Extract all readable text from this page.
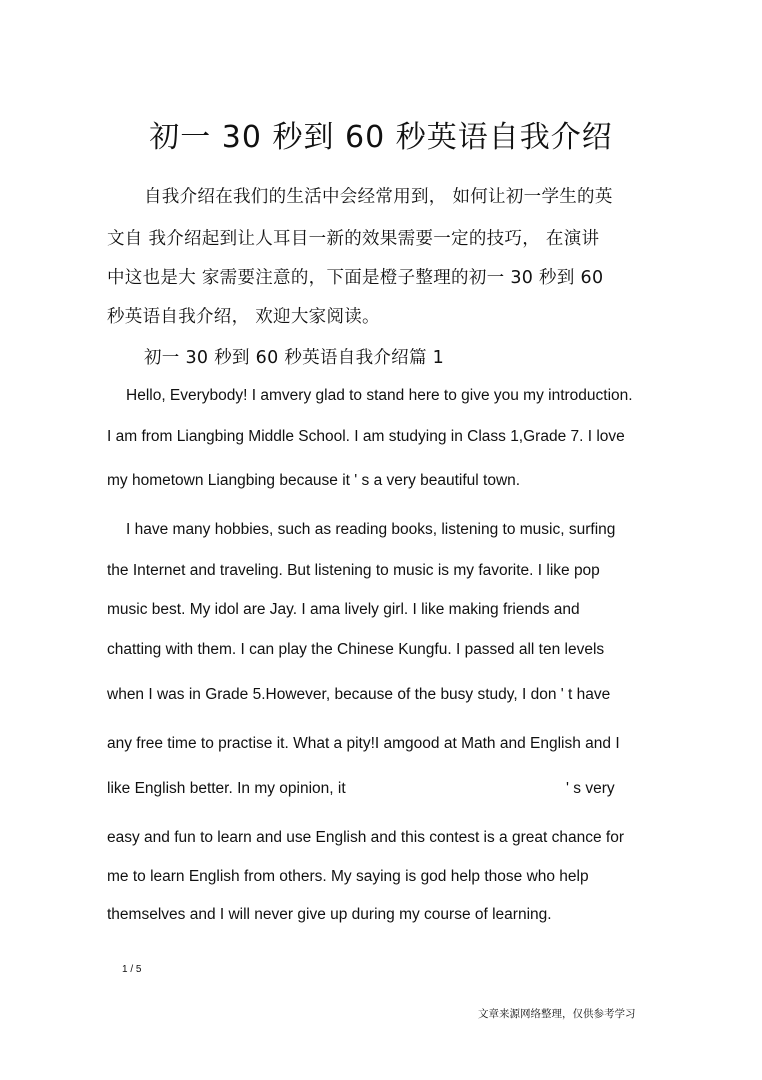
初一 30 秒到 60 秒英语自我介绍
自我介绍在我们的生活中会经常用到， 如何让初一学生的英
文自 我介绍起到让人耳目一新的效果需要一定的技巧， 在演讲
中这也是大 家需要注意的，下面是橙子整理的初一 30 秒到 60
秒英语自我介绍， 欢迎大家阅读。
初一 30 秒到 60 秒英语自我介绍篇 1
Hello, Everybody! I amvery glad to stand here to give you my introduction.
I am from Liangbing Middle School. I am studying in Class 1,Grade 7. I love
my hometown Liangbing because it ' s a very beautiful town.
I have many hobbies, such as reading books, listening to music, surfing
the Internet and traveling. But listening to music is my favorite. I like pop
music best. My idol are Jay. I ama lively girl. I like making friends and
chatting with them. I can play the Chinese Kungfu. I passed all ten levels
when I was in Grade 5.However, because of the busy study, I don ' t have
any free time to practise it. What a pity!I amgood at Math and English and I
like English better. In my opinion, it	' s very
easy and fun to learn and use English and this contest is a great chance for
me to learn English from others. My saying is god help those who help
themselves and I will never give up during my course of learning.
1 / 5
文章来源网络整理，仅供参考学习
